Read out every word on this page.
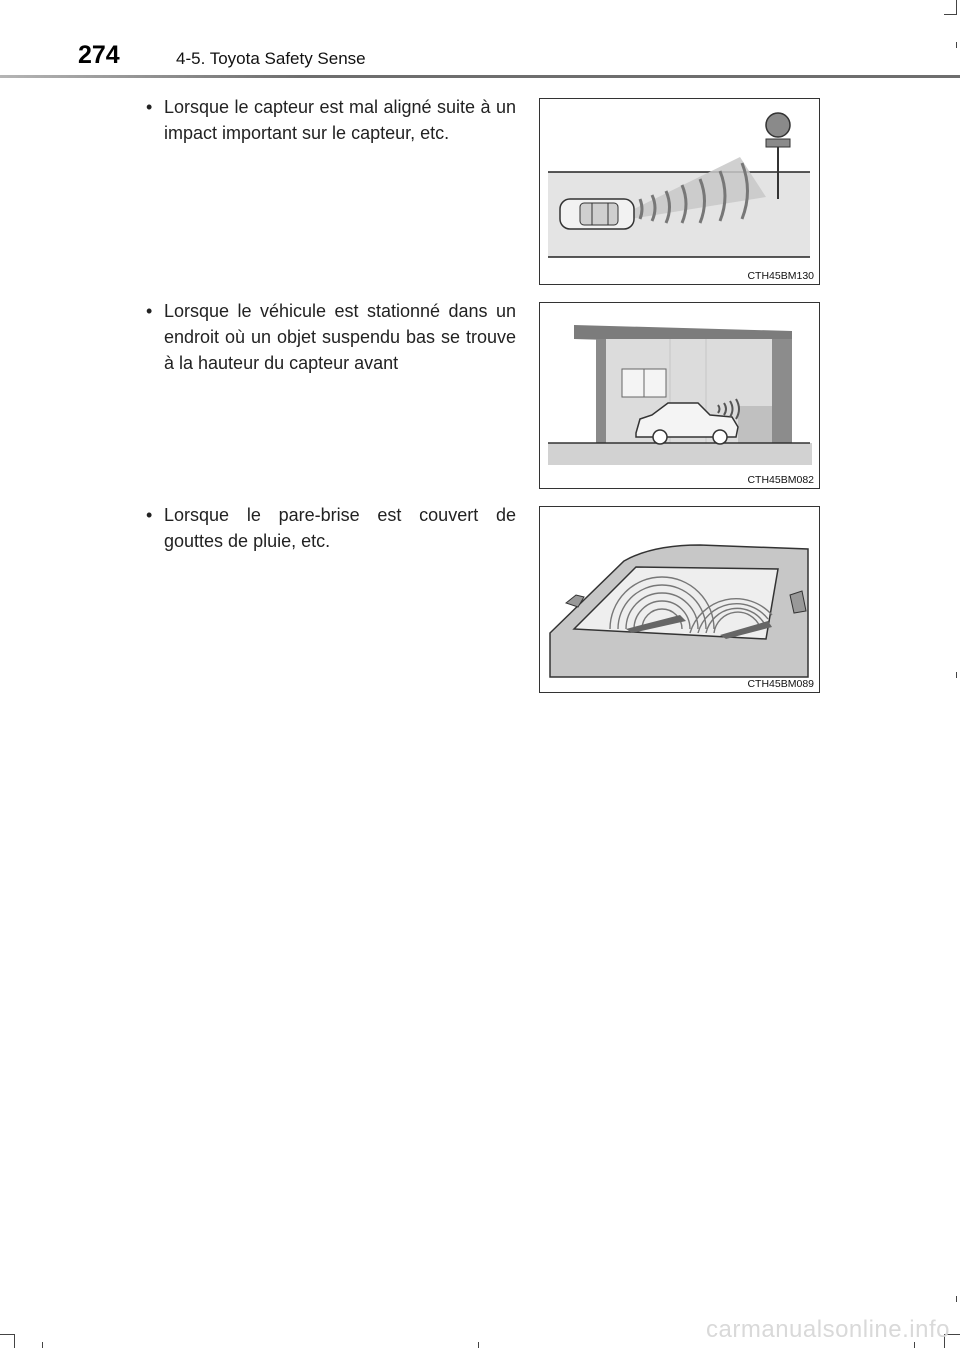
274	4-5. Toyota Safety Sense
• Lorsque le capteur est mal aligné suite à un impact important sur le capteur, etc.
CTH45BM130
• Lorsque le véhicule est stationné dans un endroit où un objet suspendu bas se trouve à la hauteur du capteur avant
CTH45BM082
• Lorsque le pare-brise est couvert de gouttes de pluie, etc.
CTH45BM089
carmanualsonline.info
